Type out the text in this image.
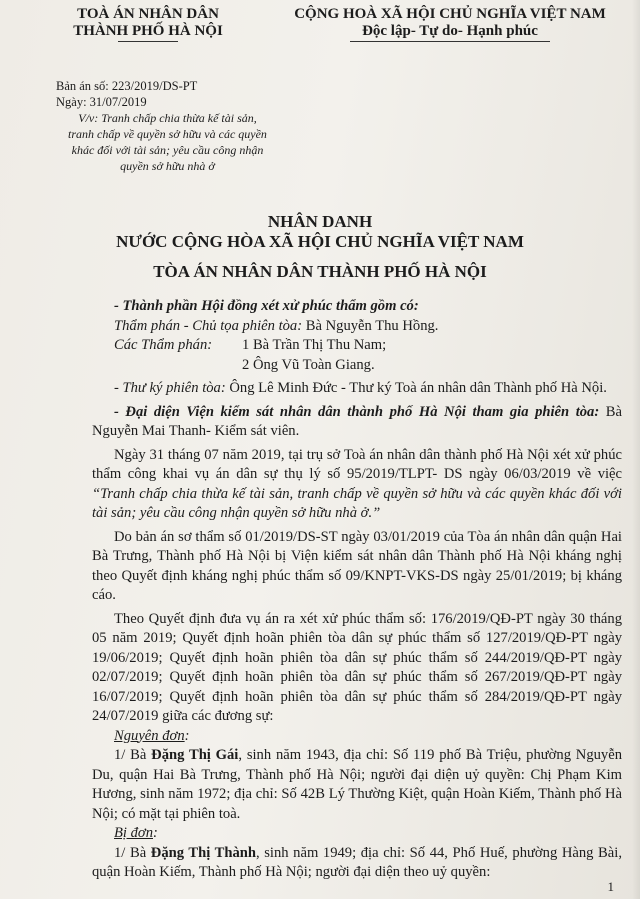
TOÀ ÁN NHÂN DÂN
THÀNH PHỐ HÀ NỘI
CỘNG HOÀ XÃ HỘI CHỦ NGHĨA VIỆT NAM
Độc lập- Tự do- Hạnh phúc
Bản án số: 223/2019/DS-PT
Ngày: 31/07/2019
V/v: Tranh chấp chia thừa kế tài sản, tranh chấp về quyền sở hữu và các quyền khác đối với tài sản; yêu cầu công nhận quyền sở hữu nhà ở
NHÂN DANH
NƯỚC CỘNG HÒA XÃ HỘI CHỦ NGHĨA VIỆT NAM
TÒA ÁN NHÂN DÂN THÀNH PHỐ HÀ NỘI

- Thành phần Hội đồng xét xử phúc thẩm gồm có:

Thẩm phán - Chủ tọa phiên tòa: Bà Nguyễn Thu Hồng.

Các Thẩm phán:	1 Bà Trần Thị Thu Nam;
2 Ông Vũ Toàn Giang.

- Thư ký phiên tòa: Ông Lê Minh Đức - Thư ký Toà án nhân dân Thành phố Hà Nội.

- Đại diện Viện kiểm sát nhân dân thành phố Hà Nội tham gia phiên tòa: Bà Nguyễn Mai Thanh- Kiểm sát viên.

Ngày 31 tháng 07 năm 2019, tại trụ sở Toà án nhân dân thành phố Hà Nội xét xử phúc thẩm công khai vụ án dân sự thụ lý số 95/2019/TLPT- DS ngày 06/03/2019 về việc “Tranh chấp chia thừa kế tài sản, tranh chấp về quyền sở hữu và các quyền khác đối với tài sản; yêu cầu công nhận quyền sở hữu nhà ở.”

Do bản án sơ thẩm số 01/2019/DS-ST ngày 03/01/2019 của Tòa án nhân dân quận Hai Bà Trưng, Thành phố Hà Nội bị Viện kiểm sát nhân dân Thành phố Hà Nội kháng nghị theo Quyết định kháng nghị phúc thẩm số 09/KNPT-VKS-DS ngày 25/01/2019; bị kháng cáo.

Theo Quyết định đưa vụ án ra xét xử phúc thẩm số: 176/2019/QĐ-PT ngày 30 tháng 05 năm 2019; Quyết định hoãn phiên tòa dân sự phúc thẩm số 127/2019/QĐ-PT ngày 19/06/2019; Quyết định hoãn phiên tòa dân sự phúc thẩm số 244/2019/QĐ-PT ngày 02/07/2019; Quyết định hoãn phiên tòa dân sự phúc thẩm số 267/2019/QĐ-PT ngày 16/07/2019; Quyết định hoãn phiên tòa dân sự phúc thẩm số 284/2019/QĐ-PT ngày 24/07/2019 giữa các đương sự:

Nguyên đơn:

1/ Bà Đặng Thị Gái, sinh năm 1943, địa chỉ: Số 119 phố Bà Triệu, phường Nguyễn Du, quận Hai Bà Trưng, Thành phố Hà Nội; người đại diện uỷ quyền: Chị Phạm Kim Hương, sinh năm 1972; địa chỉ: Số 42B Lý Thường Kiệt, quận Hoàn Kiếm, Thành phố Hà Nội; có mặt tại phiên toà.

Bị đơn:

1/ Bà Đặng Thị Thành, sinh năm 1949; địa chỉ: Số 44, Phố Huế, phường Hàng Bài, quận Hoàn Kiếm, Thành phố Hà Nội; người đại diện theo uỷ quyền:

1
